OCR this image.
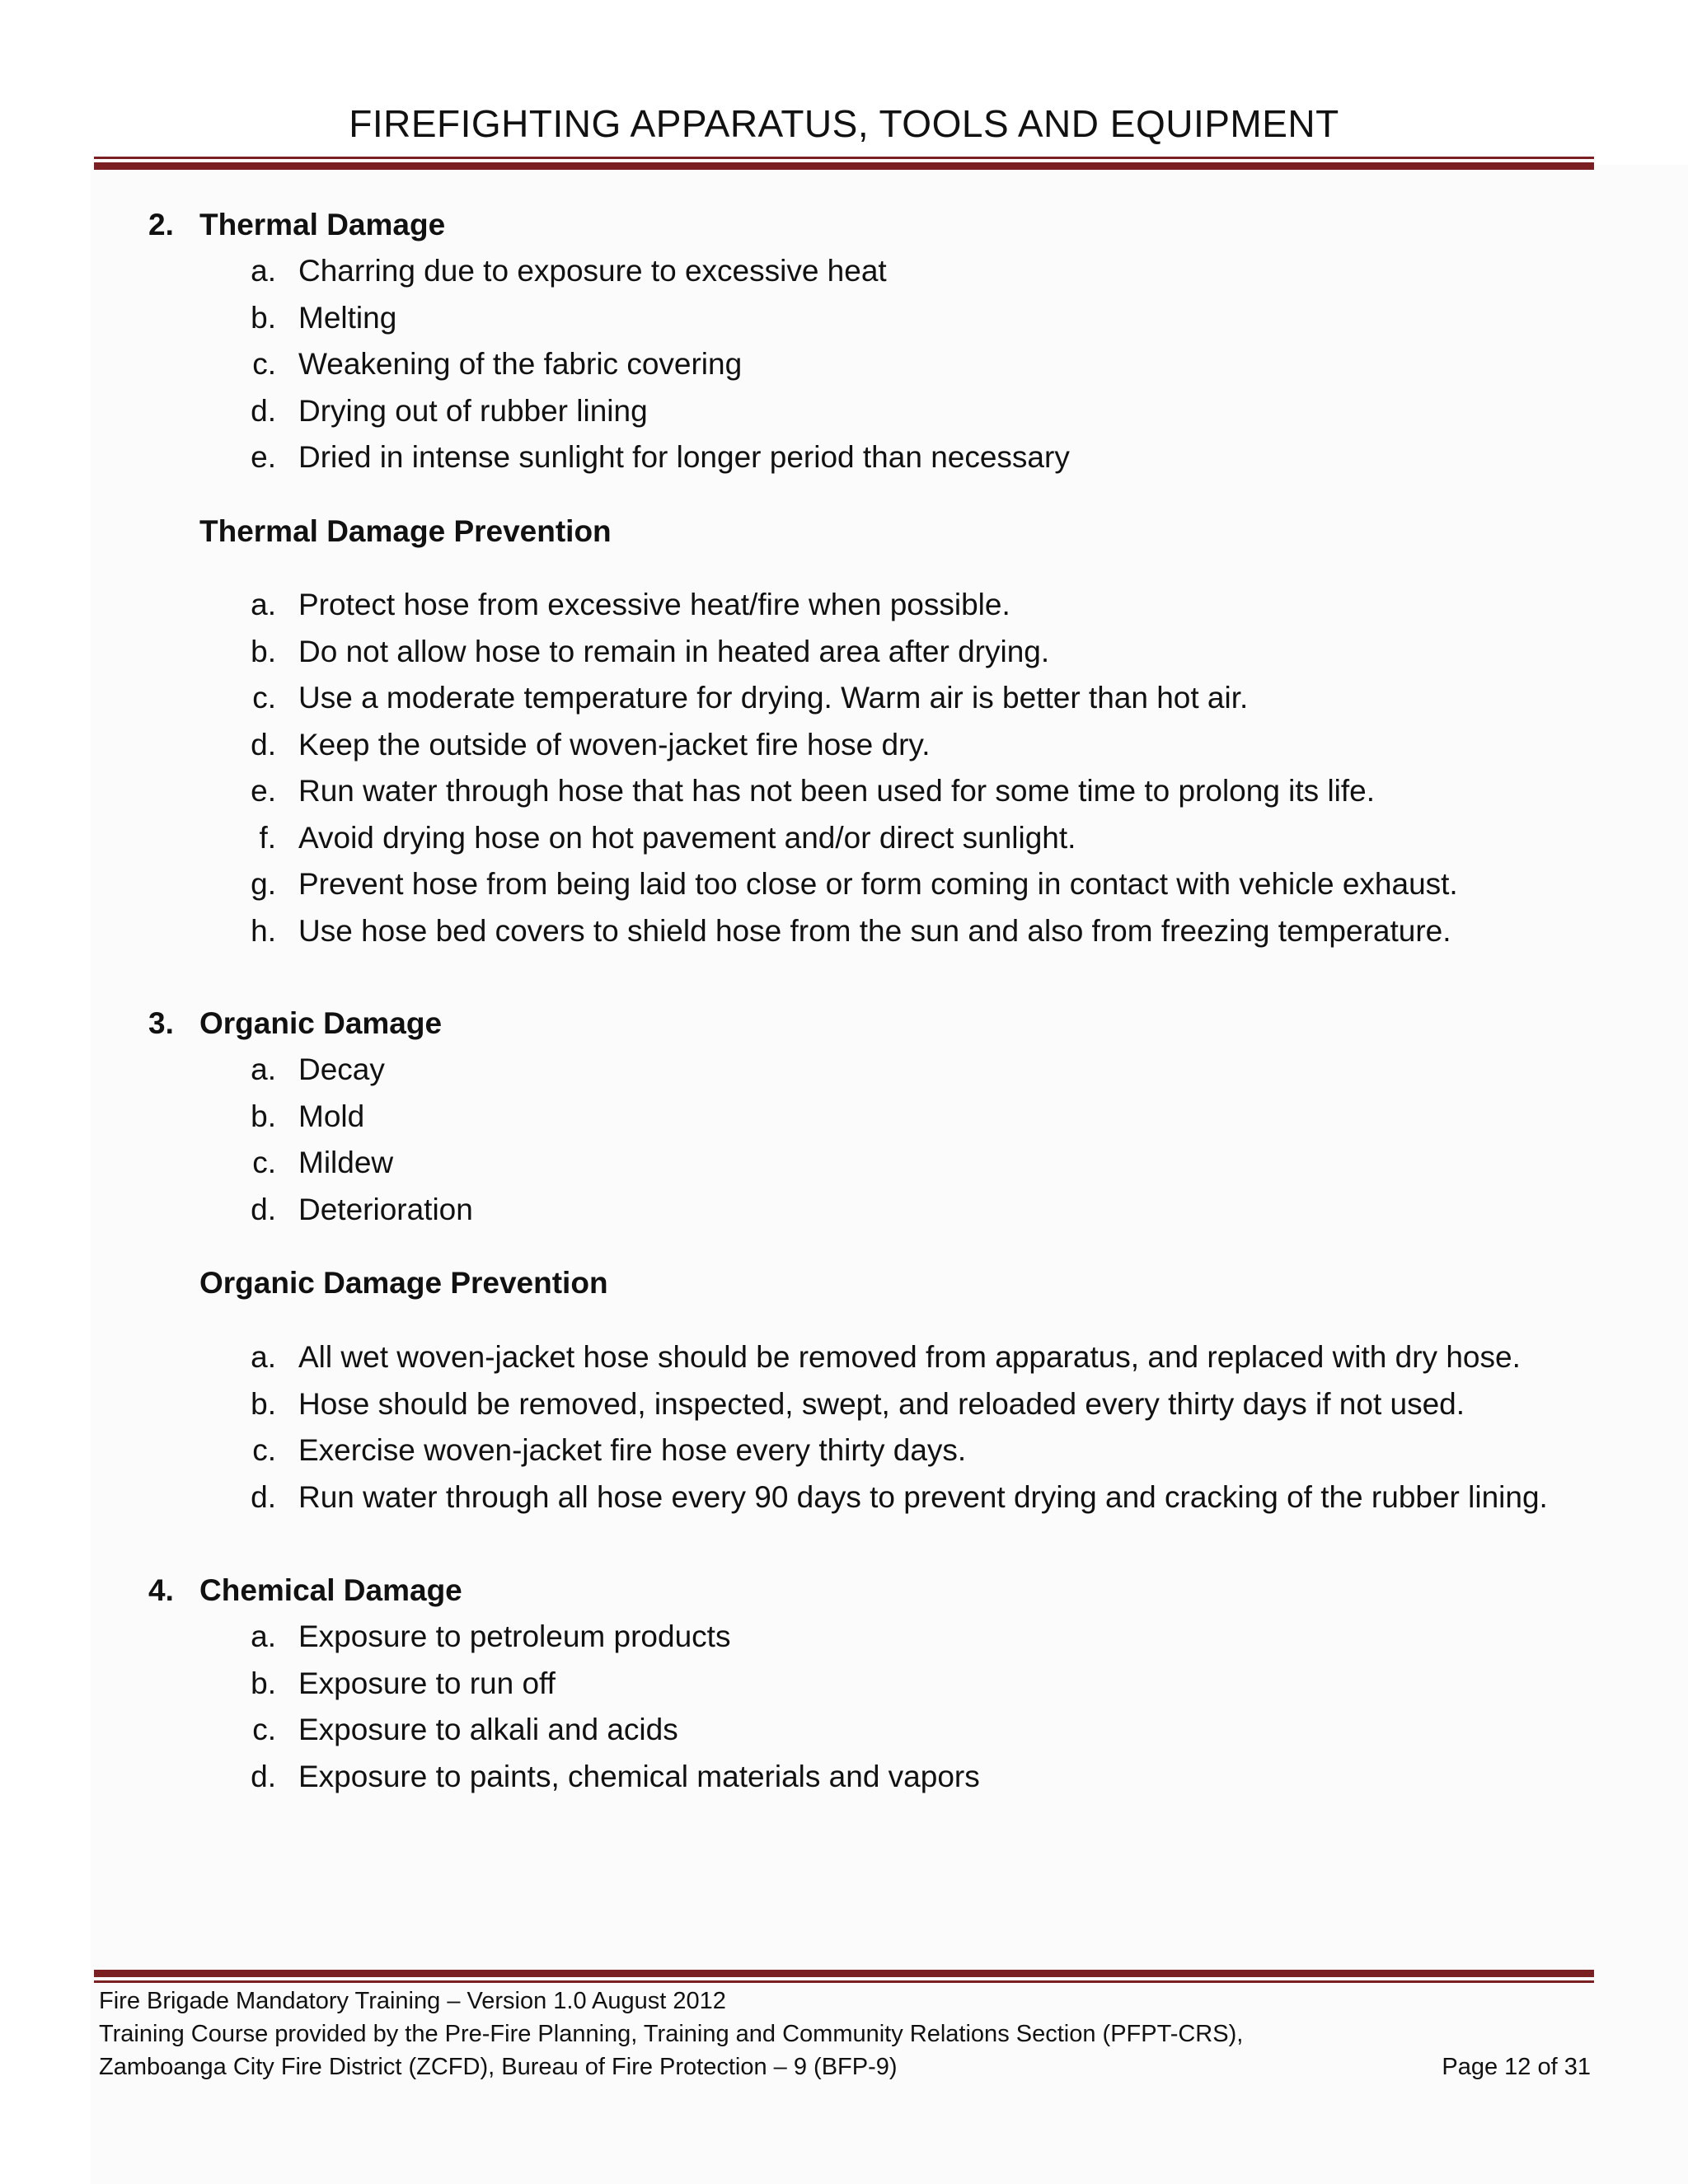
FIREFIGHTING APPARATUS, TOOLS AND EQUIPMENT
2. Thermal Damage
a. Charring due to exposure to excessive heat
b. Melting
c. Weakening of the fabric covering
d. Drying out of rubber lining
e. Dried in intense sunlight for longer period than necessary
Thermal Damage Prevention
a. Protect hose from excessive heat/fire when possible.
b. Do not allow hose to remain in heated area after drying.
c. Use a moderate temperature for drying. Warm air is better than hot air.
d. Keep the outside of woven-jacket fire hose dry.
e. Run water through hose that has not been used for some time to prolong its life.
f. Avoid drying hose on hot pavement and/or direct sunlight.
g. Prevent hose from being laid too close or form coming in contact with vehicle exhaust.
h. Use hose bed covers to shield hose from the sun and also from freezing temperature.
3. Organic Damage
a. Decay
b. Mold
c. Mildew
d. Deterioration
Organic Damage Prevention
a. All wet woven-jacket hose should be removed from apparatus, and replaced with dry hose.
b. Hose should be removed, inspected, swept, and reloaded every thirty days if not used.
c. Exercise woven-jacket fire hose every thirty days.
d. Run water through all hose every 90 days to prevent drying and cracking of the rubber lining.
4. Chemical Damage
a. Exposure to petroleum products
b. Exposure to run off
c. Exposure to alkali and acids
d. Exposure to paints, chemical materials and vapors
Fire Brigade Mandatory Training – Version 1.0 August 2012
Training Course provided by the Pre-Fire Planning, Training and Community Relations Section (PFPT-CRS),
Zamboanga City Fire District (ZCFD), Bureau of Fire Protection – 9 (BFP-9)	Page 12 of 31
